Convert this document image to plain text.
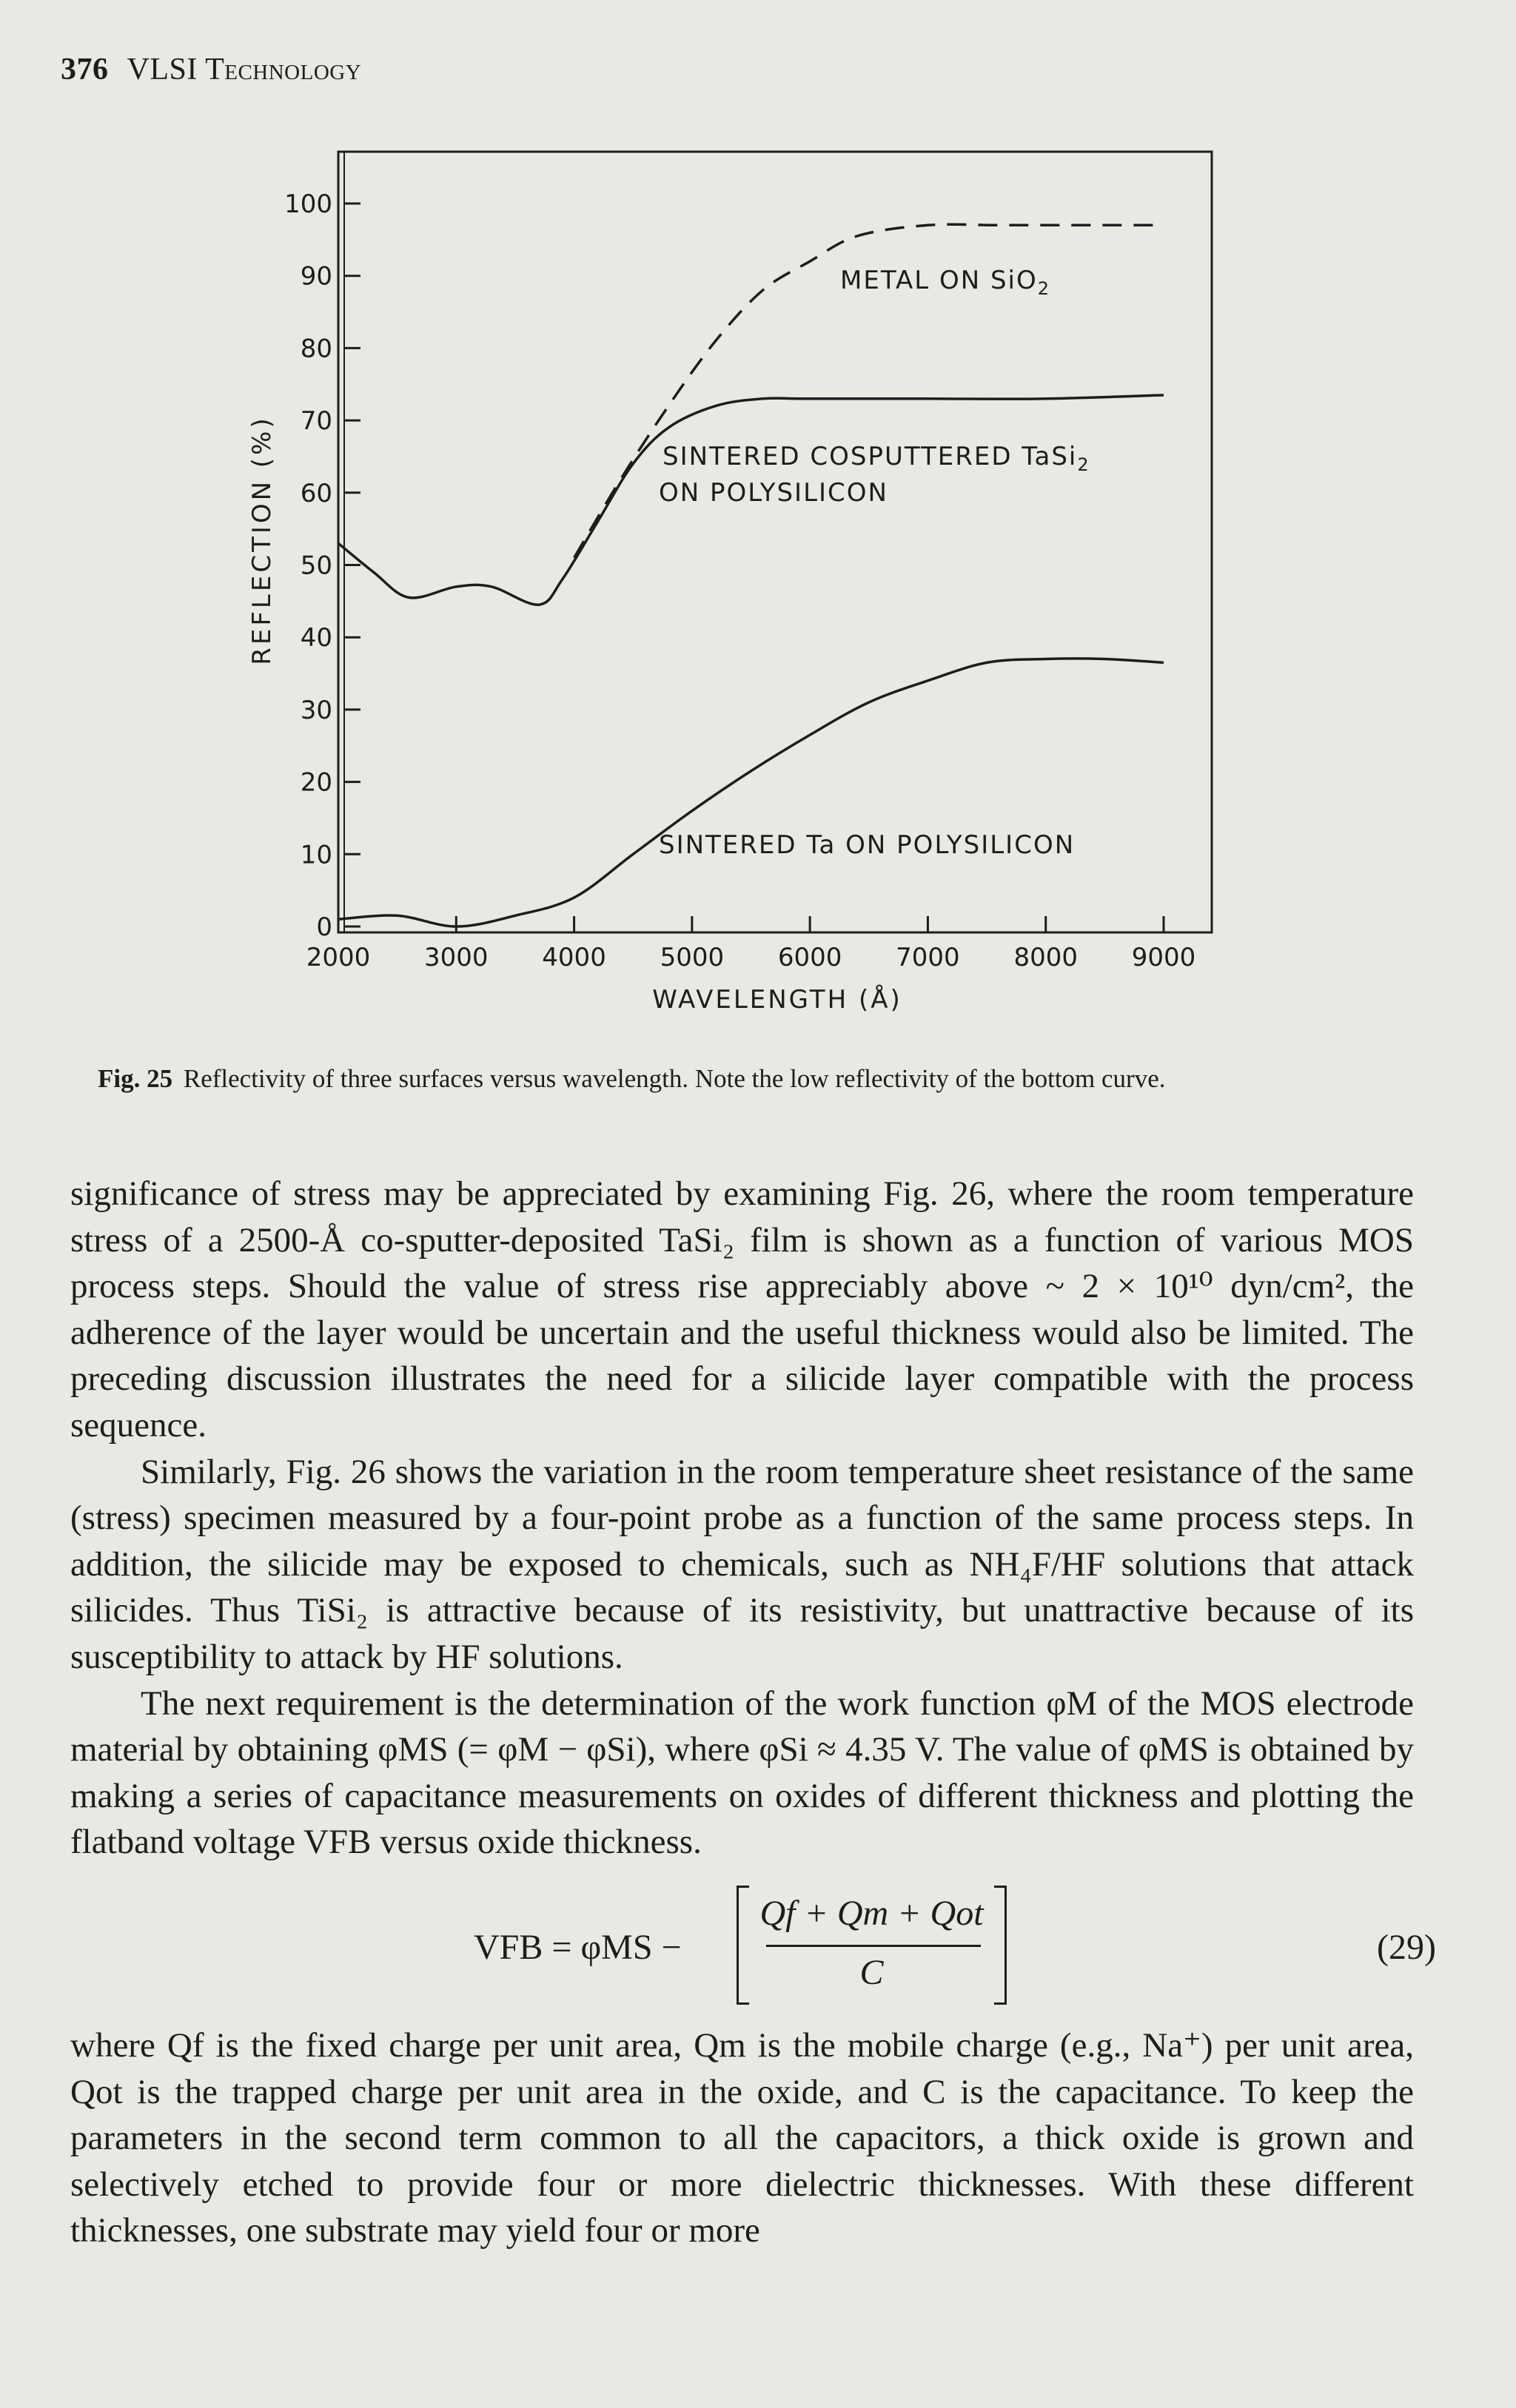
376 VLSI Technology
0
10
20
30
40
50
60
70
80
90
100
2000 3000 4000 5000 6000 7000 8000 9000
REFLECTION (%)
WAVELENGTH (Å)
METAL ON SiO$_2$
SINTERED COSPUTTERED TaSi$_2$
ON POLYSILICON
SINTERED Ta ON POLYSILICON
Fig. 25 Reflectivity of three surfaces versus wavelength. Note the low reflectivity of the bottom curve.

significance of stress may be appreciated by examining Fig. 26, where the room temperature stress of a 2500-Å co-sputter-deposited TaSi₂ film is shown as a function of various MOS process steps. Should the value of stress rise appreciably above ~ 2 × 10¹⁰ dyn/cm², the adherence of the layer would be uncertain and the useful thickness would also be limited. The preceding discussion illustrates the need for a silicide layer compatible with the process sequence.

Similarly, Fig. 26 shows the variation in the room temperature sheet resistance of the same (stress) specimen measured by a four-point probe as a function of the same process steps. In addition, the silicide may be exposed to chemicals, such as NH₄F/HF solutions that attack silicides. Thus TiSi₂ is attractive because of its resistivity, but unattractive because of its susceptibility to attack by HF solutions.

The next requirement is the determination of the work function φM of the MOS electrode material by obtaining φMS (= φM − φSi), where φSi ≈ 4.35 V. The value of φMS is obtained by making a series of capacitance measurements on oxides of different thickness and plotting the flatband voltage VFB versus oxide thickness.

VFB = φMS −
Qf + Qm + Qot
C
(29)

where Qf is the fixed charge per unit area, Qm is the mobile charge (e.g., Na⁺) per unit area, Qot is the trapped charge per unit area in the oxide, and C is the capacitance. To keep the parameters in the second term common to all the capacitors, a thick oxide is grown and selectively etched to provide four or more dielectric thicknesses. With these different thicknesses, one substrate may yield four or more
